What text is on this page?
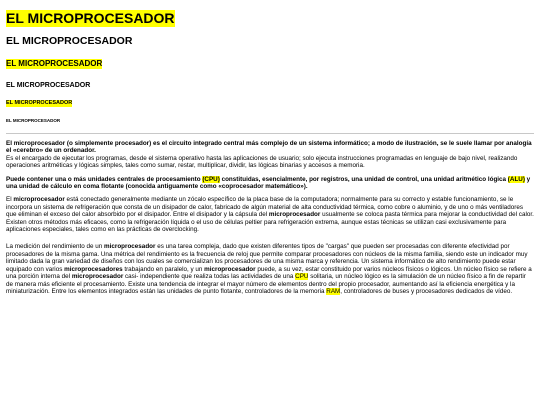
EL MICROPROCESADOR
EL MICROPROCESADOR
EL MICROPROCESADOR
EL MICROPROCESADOR
EL MICROPROCESADOR
EL MICROPROCESADOR

El microprocesador (o simplemente procesador) es el circuito integrado central más complejo de un sistema informático; a modo de ilustración, se le suele llamar por analogía el «cerebro» de un ordenador.
Es el encargado de ejecutar los programas, desde el sistema operativo hasta las aplicaciones de usuario; solo ejecuta instrucciones programadas en lenguaje de bajo nivel, realizando operaciones aritméticas y lógicas simples, tales como sumar, restar, multiplicar, dividir, las lógicas binarias y accesos a memoria.

Puede contener una o más unidades centrales de procesamiento (CPU) constituidas, esencialmente, por registros, una unidad de control, una unidad aritmético lógica (ALU) y una unidad de cálculo en coma flotante (conocida antiguamente como «coprocesador matemático»).

El microprocesador está conectado generalmente mediante un zócalo específico de la placa base de la computadora; normalmente para su correcto y estable funcionamiento, se le incorpora un sistema de refrigeración que consta de un disipador de calor, fabricado de algún material de alta conductividad térmica, como cobre o aluminio, y de uno o más ventiladores que eliminan el exceso del calor absorbido por el disipador. Entre el disipador y la cápsula del microprocesador usualmente se coloca pasta térmica para mejorar la conductividad del calor. Existen otros métodos más eficaces, como la refrigeración líquida o el uso de células peltier para refrigeración extrema, aunque estas técnicas se utilizan casi exclusivamente para aplicaciones especiales, tales como en las prácticas de overclocking.

La medición del rendimiento de un microprocesador es una tarea compleja, dado que existen diferentes tipos de "cargas" que pueden ser procesadas con diferente efectividad por procesadores de la misma gama. Una métrica del rendimiento es la frecuencia de reloj que permite comparar procesadores con núcleos de la misma familia, siendo este un indicador muy limitado dada la gran variedad de diseños con los cuales se comercializan los procesadores de una misma marca y referencia. Un sistema informático de alto rendimiento puede estar equipado con varios microprocesadores trabajando en paralelo, y un microprocesador puede, a su vez, estar constituido por varios núcleos físicos o lógicos. Un núcleo físico se refiere a una porción interna del microprocesador casi- independiente que realiza todas las actividades de una CPU solitaria, un núcleo lógico es la simulación de un núcleo físico a fin de repartir de manera más eficiente el procesamiento. Existe una tendencia de integrar el mayor número de elementos dentro del propio procesador, aumentando así la eficiencia energética y la miniaturización. Entre los elementos integrados están las unidades de punto flotante, controladores de la memoria RAM, controladores de buses y procesadores dedicados de vídeo.
